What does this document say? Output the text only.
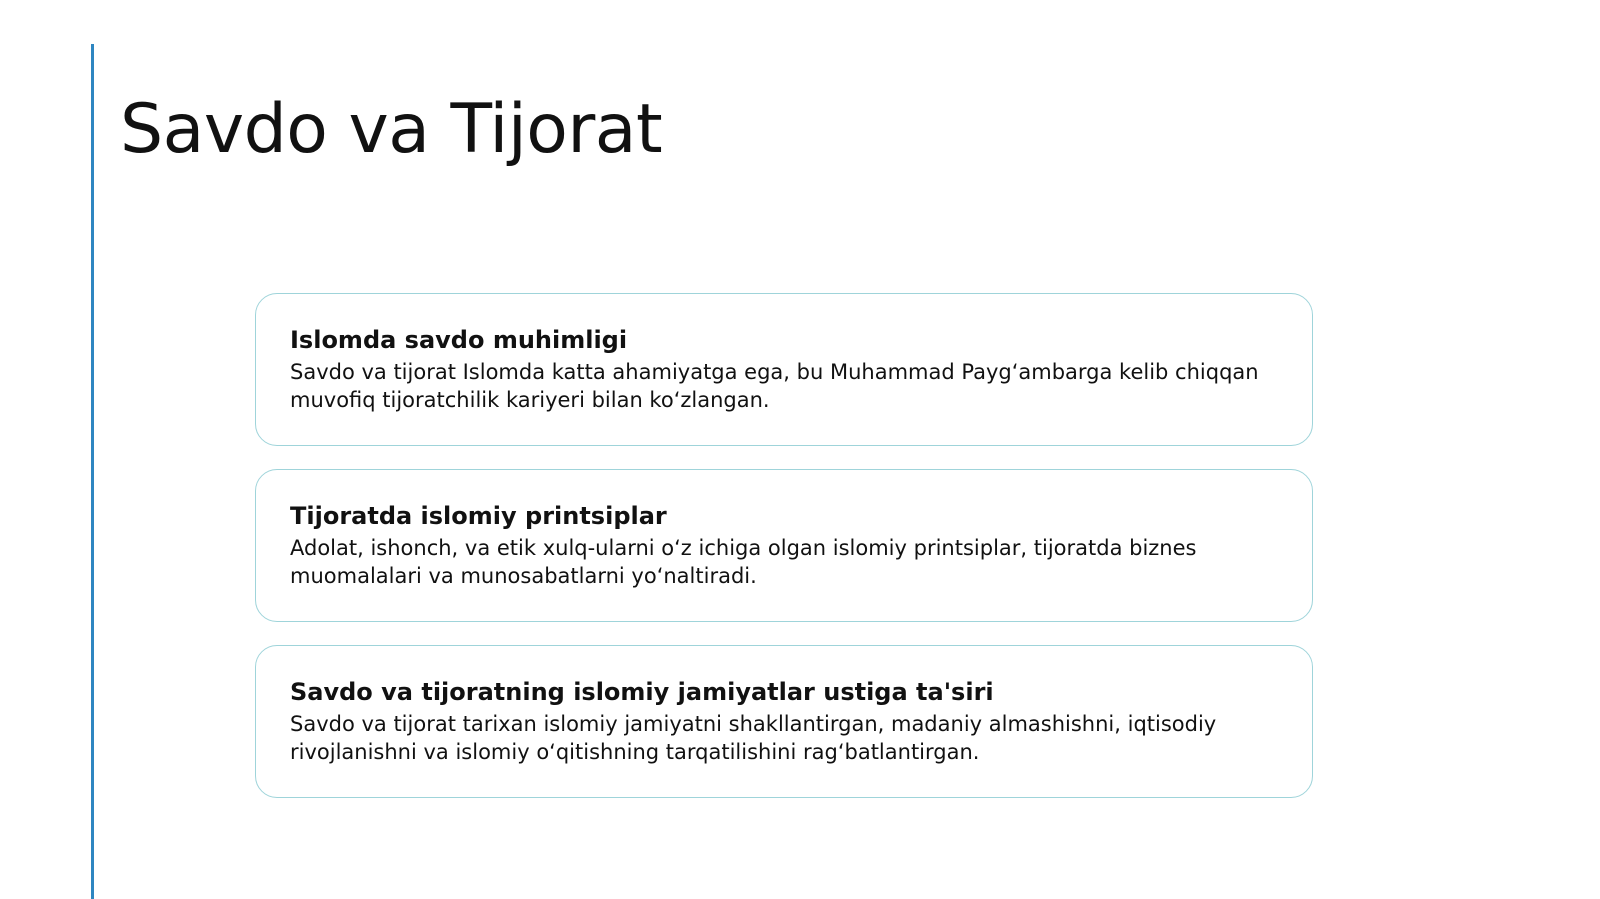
Savdo va Tijorat
Islomda savdo muhimligi

Savdo va tijorat Islomda katta ahamiyatga ega, bu Muhammad Payg‘ambarga kelib chiqqan muvofiq tijoratchilik kariyeri bilan ko‘zlangan.

Tijoratda islomiy printsiplar

Adolat, ishonch, va etik xulq-ularni o‘z ichiga olgan islomiy printsiplar, tijoratda biznes muomalalari va munosabatlarni yo‘naltiradi.

Savdo va tijoratning islomiy jamiyatlar ustiga ta'siri

Savdo va tijorat tarixan islomiy jamiyatni shakllantirgan, madaniy almashishni, iqtisodiy rivojlanishni va islomiy o‘qitishning tarqatilishini rag‘batlantirgan.
